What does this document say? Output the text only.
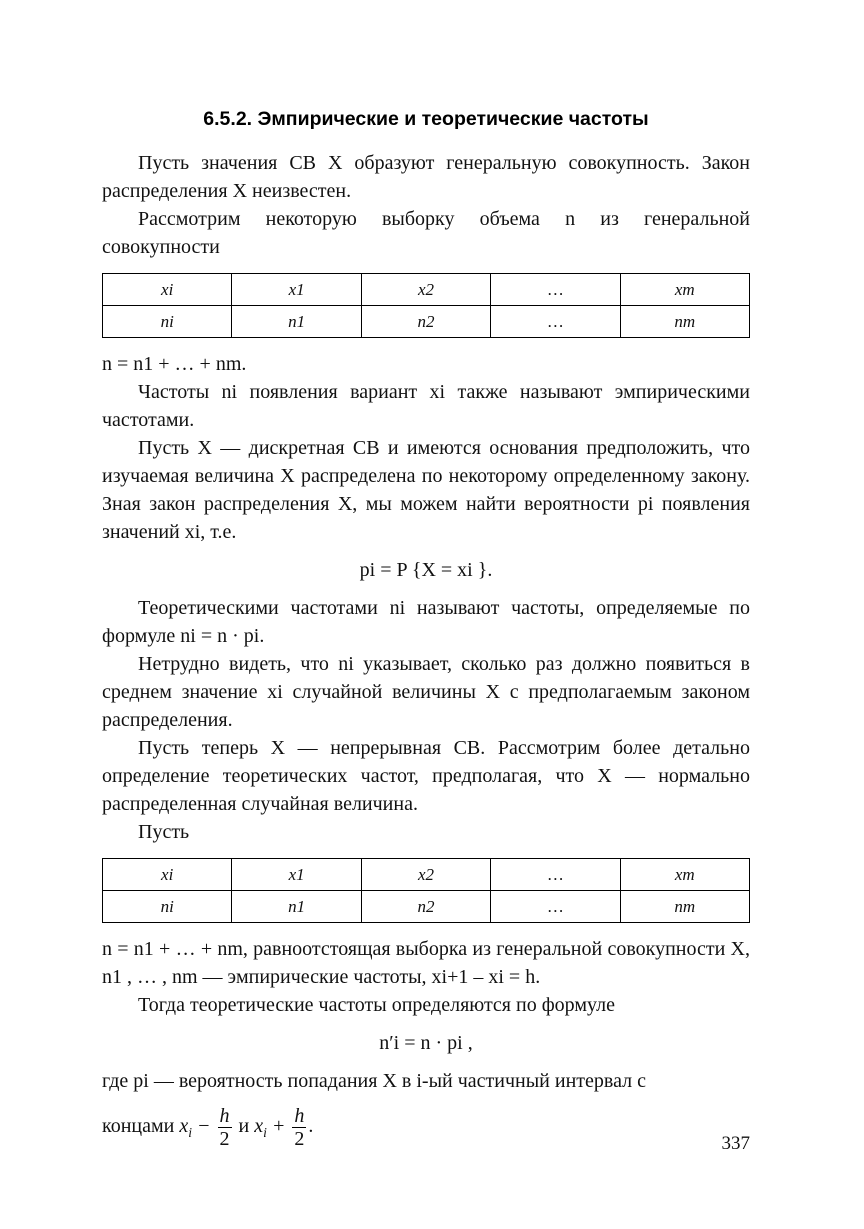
6.5.2. Эмпирические и теоретические частоты

Пусть значения СВ X образуют генеральную совокупность. Закон распределения X неизвестен.

Рассмотрим некоторую выборку объема n из генеральной совокупности

xi	x1	x2	…	xm
ni	n1	n2	…	nm

n = n1 + … + nm.

Частоты ni появления вариант xi также называют эмпирическими частотами.

Пусть X — дискретная СВ и имеются основания предположить, что изучаемая величина X распределена по некоторому определенному закону. Зная закон распределения X, мы можем найти вероятности pi появления значений xi, т.е.

pi = P {X = xi }.

Теоретическими частотами ni называют частоты, определяемые по формуле ni = n · pi.

Нетрудно видеть, что ni указывает, сколько раз должно появиться в среднем значение xi случайной величины X с предполагаемым законом распределения.

Пусть теперь X — непрерывная СВ. Рассмотрим более детально определение теоретических частот, предполагая, что X — нормально распределенная случайная величина.

Пусть

xi	x1	x2	…	xm
ni	n1	n2	…	nm

n = n1 + … + nm, равноотстоящая выборка из генеральной совокупности X, n1 , … , nm — эмпирические частоты, xi+1 – xi = h.

Тогда теоретические частоты определяются по формуле

n′i = n · pi ,

где pi — вероятность попадания X в i-ый частичный интервал с

концами $x_i - \frac{h}{2}$ и $x_i + \frac{h}{2}$ .
337
